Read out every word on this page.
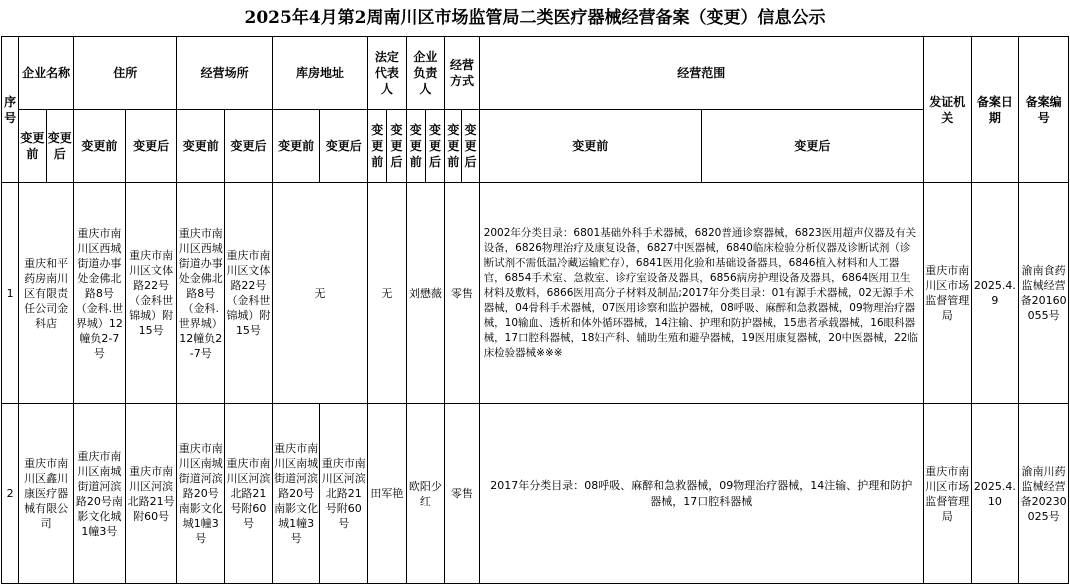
2025年4月第2周南川区市场监管局二类医疗器械经营备案（变更）信息公示
序号	企业名称		住所		经营场所		库房地址		法定代表人		企业负责人		经营方式		经营范围		发证机关	备案日期	备案编号
	变更前	变更后	变更前	变更后	变更前	变更后	变更前	变更后	变更前	变更后	变更前	变更后	变更前	变更后	变更前	变更后			
1	重庆和平药房南川区有限责任公司金科店		重庆市南川区西城街道办事处金佛北路8号（金科.世界城）12幢负2-7号	重庆市南川区文体路22号（金科世锦城）附15号	重庆市南川区西城街道办事处金佛北路8号（金科.世界城）12幢负2-7号	重庆市南川区文体路22号（金科世锦城）附15号	无		无		刘懋薇		零售		2002年分类目录：6801基础外科手术器械，6820普通诊察器械，6823医用超声仪器及有关设备，6826物理治疗及康复设备，6827中医器械，6840临床检验分析仪器及诊断试剂（诊断试剂不需低温冷藏运输贮存），6841医用化验和基础设备器具，6846植入材料和人工器官，6854手术室、急救室、诊疗室设备及器具，6856病房护理设备及器具，6864医用卫生材料及敷料，6866医用高分子材料及制品;2017年分类目录：01有源手术器械，02无源手术器械，04骨科手术器械，07医用诊察和监护器械，08呼吸、麻醉和急救器械，09物理治疗器械，10输血、透析和体外循环器械，14注输、护理和防护器械，15患者承载器械，16眼科器械，17口腔科器械，18妇产科、辅助生殖和避孕器械，19医用康复器械，20中医器械，22临床检验器械※※※		重庆市南川区市场监督管理局	2025.4.9	渝南食药监械经营备20160055号
2	重庆市南川区鑫川康医疗器械有限公司		重庆市南川区南城街道河滨路20号南影文化城1幢3号	重庆市南川区河滨北路21号附60号	重庆市南川区南城街道河滨路20号南影文化城1幢3号	重庆市南川区河滨北路21号附60号	重庆市南川区南城街道河滨路20号南影文化城1幢3号	重庆市南川区河滨北路21号附60号	田军艳		欧阳少红		零售		2017年分类目录：08呼吸、麻醉和急救器械，09物理治疗器械，14注输、护理和防护器械，17口腔科器械		重庆市南川区市场监督管理局	2025.4.10	渝南川药监械经营备20230025号
